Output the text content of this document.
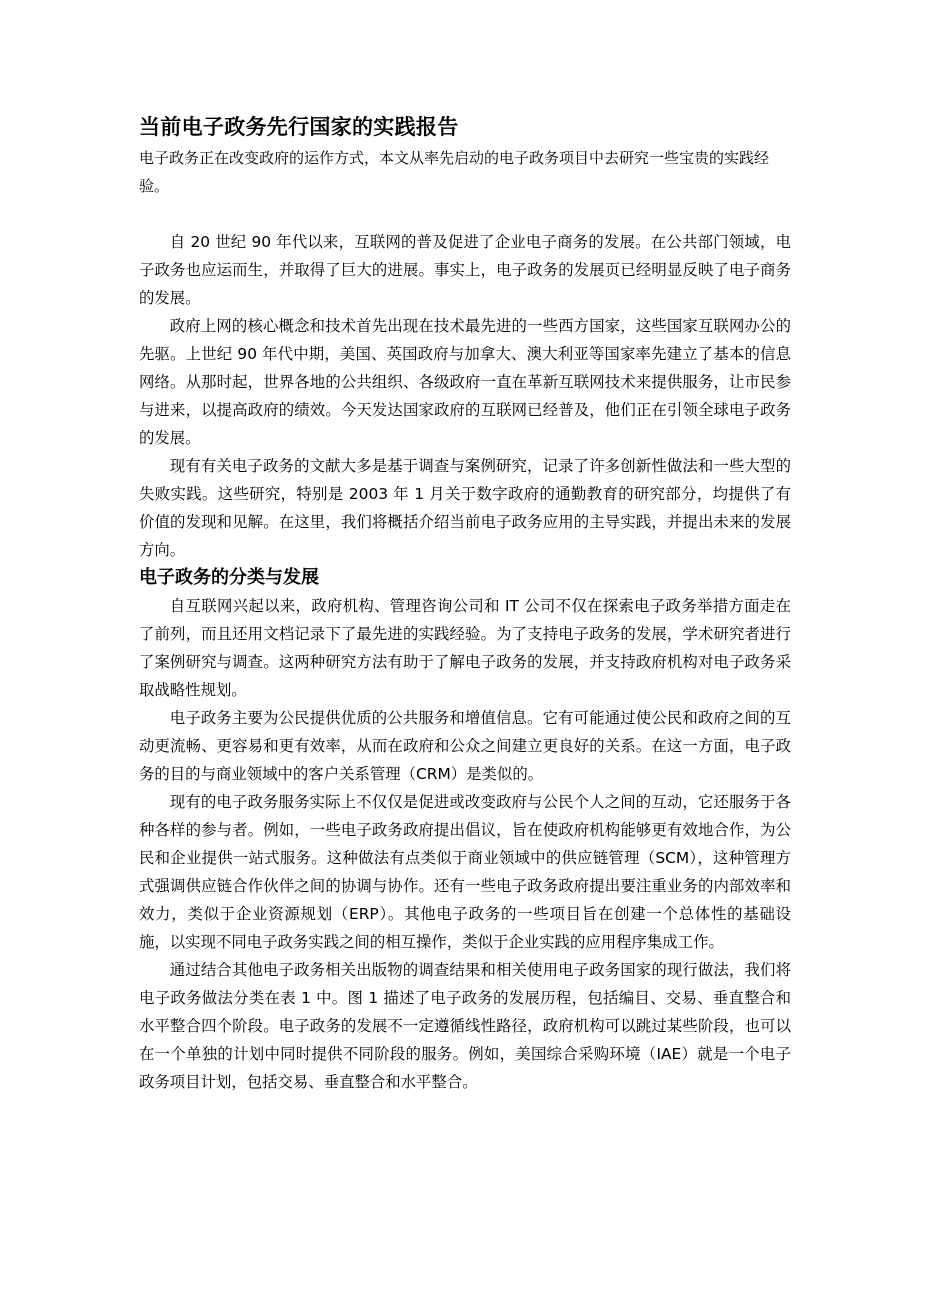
当前电子政务先行国家的实践报告

电子政务正在改变政府的运作方式，本文从率先启动的电子政务项目中去研究一些宝贵的实践经验。

自 20 世纪 90 年代以来，互联网的普及促进了企业电子商务的发展。在公共部门领域，电子政务也应运而生，并取得了巨大的进展。事实上，电子政务的发展页已经明显反映了电子商务的发展。

政府上网的核心概念和技术首先出现在技术最先进的一些西方国家，这些国家互联网办公的先驱。上世纪 90 年代中期，美国、英国政府与加拿大、澳大利亚等国家率先建立了基本的信息网络。从那时起，世界各地的公共组织、各级政府一直在革新互联网技术来提供服务，让市民参与进来，以提高政府的绩效。今天发达国家政府的互联网已经普及，他们正在引领全球电子政务的发展。

现有有关电子政务的文献大多是基于调查与案例研究，记录了许多创新性做法和一些大型的失败实践。这些研究，特别是 2003 年 1 月关于数字政府的通勤教育的研究部分，均提供了有价值的发现和见解。在这里，我们将概括介绍当前电子政务应用的主导实践，并提出未来的发展方向。

电子政务的分类与发展

自互联网兴起以来，政府机构、管理咨询公司和 IT 公司不仅在探索电子政务举措方面走在了前列，而且还用文档记录下了最先进的实践经验。为了支持电子政务的发展，学术研究者进行了案例研究与调查。这两种研究方法有助于了解电子政务的发展，并支持政府机构对电子政务采取战略性规划。

电子政务主要为公民提供优质的公共服务和增值信息。它有可能通过使公民和政府之间的互动更流畅、更容易和更有效率，从而在政府和公众之间建立更良好的关系。在这一方面，电子政务的目的与商业领域中的客户关系管理（CRM）是类似的。

现有的电子政务服务实际上不仅仅是促进或改变政府与公民个人之间的互动，它还服务于各种各样的参与者。例如，一些电子政务政府提出倡议，旨在使政府机构能够更有效地合作，为公民和企业提供一站式服务。这种做法有点类似于商业领域中的供应链管理（SCM），这种管理方式强调供应链合作伙伴之间的协调与协作。还有一些电子政务政府提出要注重业务的内部效率和效力，类似于企业资源规划（ERP）。其他电子政务的一些项目旨在创建一个总体性的基础设施，以实现不同电子政务实践之间的相互操作，类似于企业实践的应用程序集成工作。

通过结合其他电子政务相关出版物的调查结果和相关使用电子政务国家的现行做法，我们将电子政务做法分类在表 1 中。图 1 描述了电子政务的发展历程，包括编目、交易、垂直整合和水平整合四个阶段。电子政务的发展不一定遵循线性路径，政府机构可以跳过某些阶段，也可以在一个单独的计划中同时提供不同阶段的服务。例如，美国综合采购环境（IAE）就是一个电子政务项目计划，包括交易、垂直整合和水平整合。
